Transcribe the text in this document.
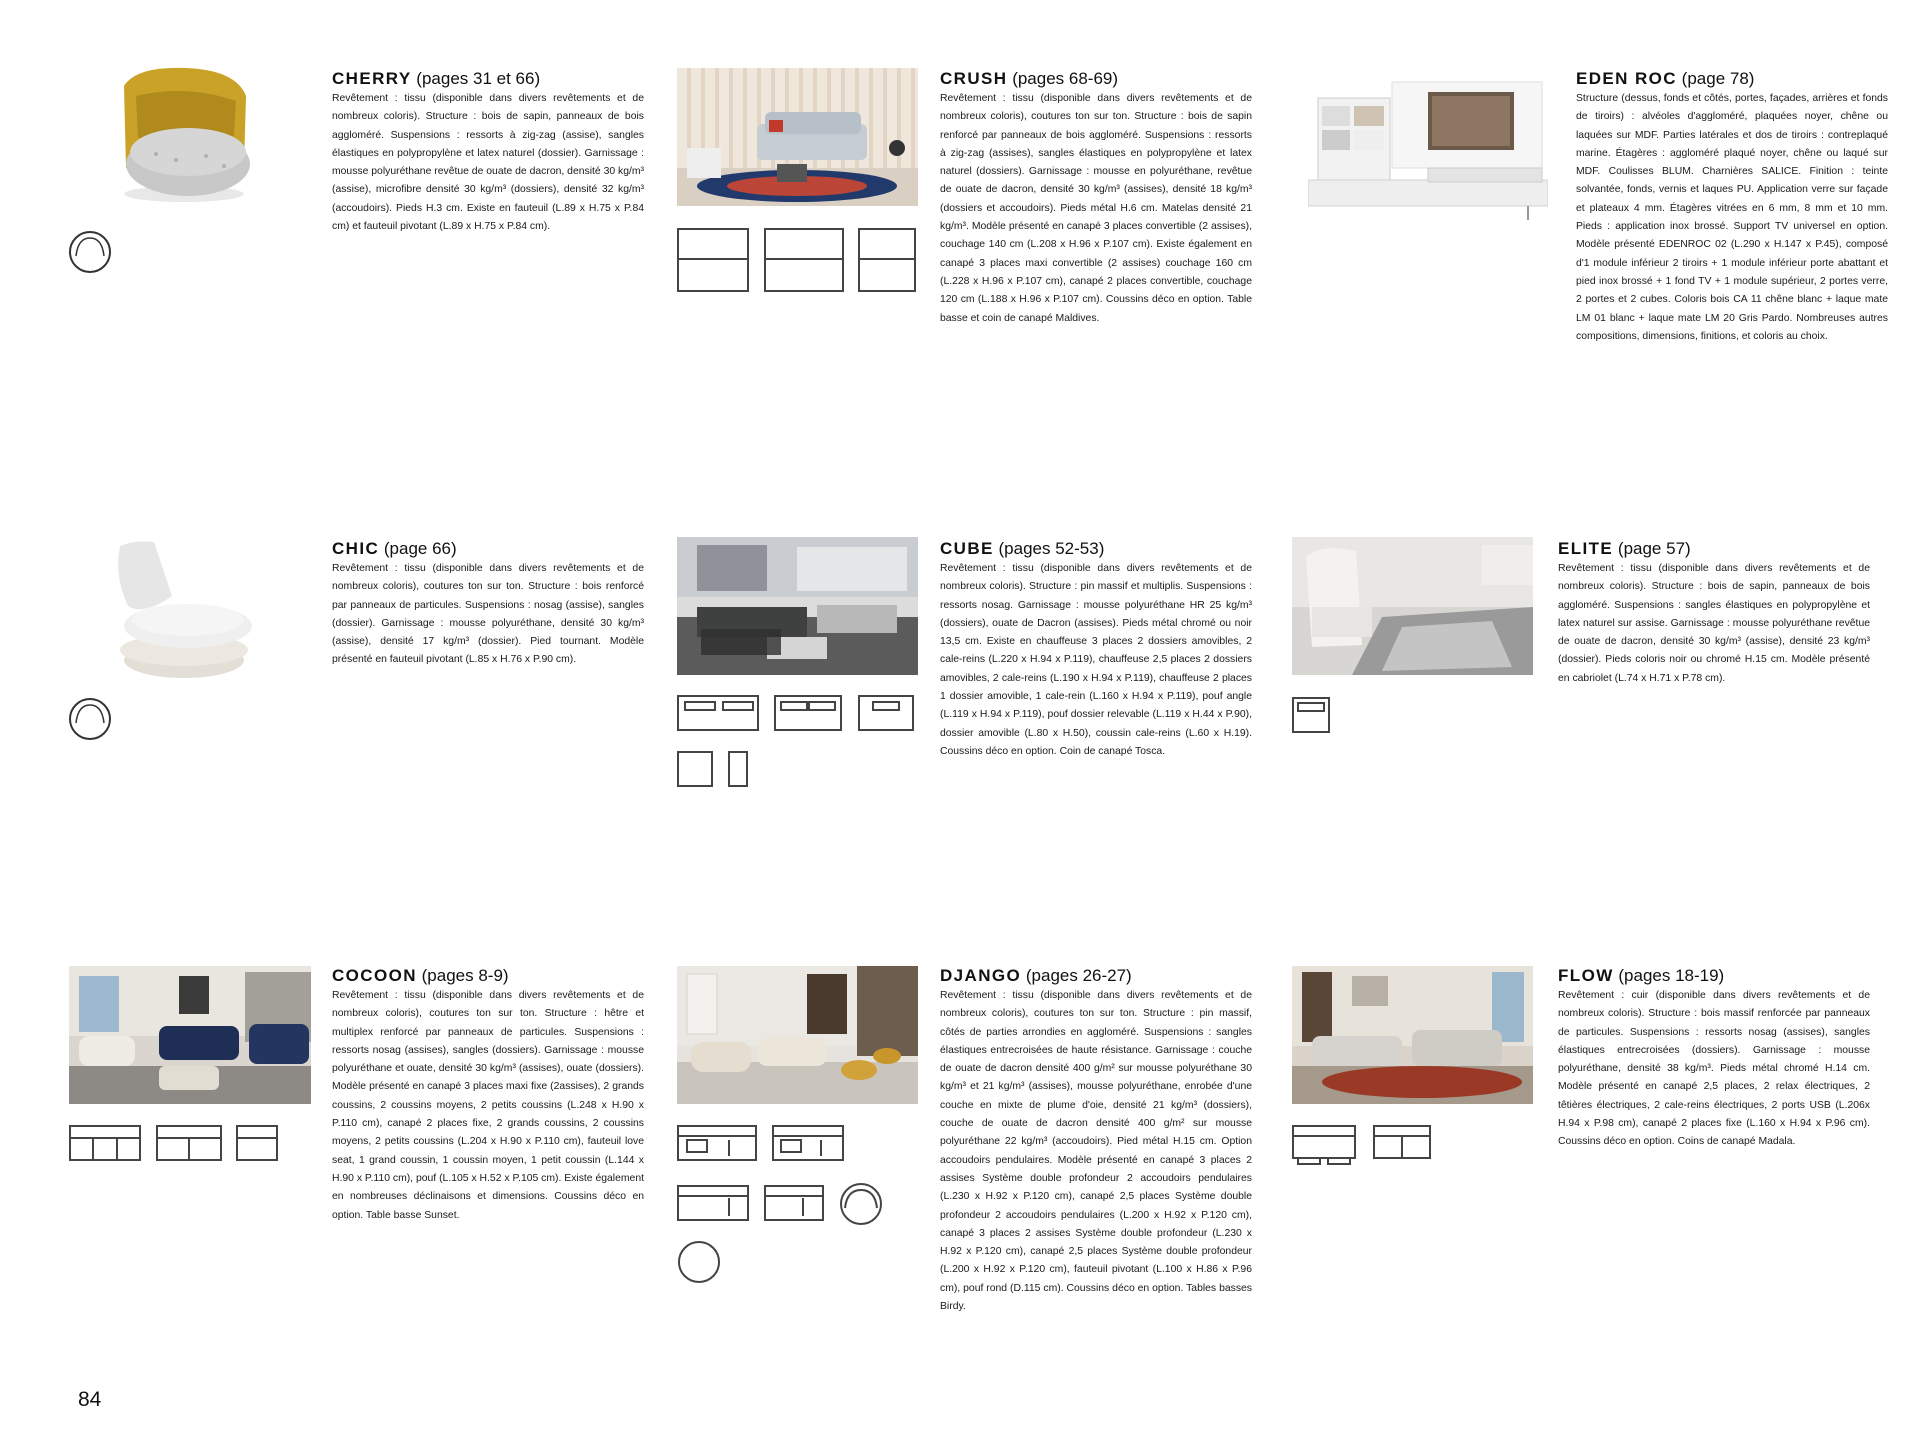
CHERRY (pages 31 et 66)
Revêtement : tissu (disponible dans divers revêtements et de nombreux coloris). Structure : bois de sapin, panneaux de bois aggloméré. Suspensions : ressorts à zig-zag (assise), sangles élastiques en polypropylène et latex naturel (dossier). Garnissage : mousse polyuréthane revêtue de ouate de dacron, densité 30 kg/m³ (assise), microfibre densité 30 kg/m³ (dossiers), densité 32 kg/m³ (accoudoirs). Pieds H.3 cm. Existe en fauteuil (L.89 x H.75 x P.84 cm) et fauteuil pivotant (L.89 x H.75 x P.84 cm).
CRUSH (pages 68-69)
Revêtement : tissu (disponible dans divers revêtements et de nombreux coloris), coutures ton sur ton. Structure : bois de sapin renforcé par panneaux de bois aggloméré. Suspensions : ressorts à zig-zag (assises), sangles élastiques en polypropylène et latex naturel (dossiers). Garnissage : mousse en polyuréthane, revêtue de ouate de dacron, densité 30 kg/m³ (assises), densité 18 kg/m³ (dossiers et accoudoirs). Pieds métal H.6 cm. Matelas densité 21 kg/m³. Modèle présenté en canapé 3 places convertible (2 assises), couchage 140 cm (L.208 x H.96 x P.107 cm). Existe également en canapé 3 places maxi convertible (2 assises) couchage 160 cm (L.228 x H.96 x P.107 cm), canapé 2 places convertible, couchage 120 cm (L.188 x H.96 x P.107 cm). Coussins déco en option. Table basse et coin de canapé Maldives.
EDEN ROC (page 78)
Structure (dessus, fonds et côtés, portes, façades, arrières et fonds de tiroirs) : alvéoles d'aggloméré, plaquées noyer, chêne ou laquées sur MDF. Parties latérales et dos de tiroirs : contreplaqué marine. Étagères : aggloméré plaqué noyer, chêne ou laqué sur MDF. Coulisses BLUM. Charnières SALICE. Finition : teinte solvantée, fonds, vernis et laques PU. Application verre sur façade et plateaux 4 mm. Étagères vitrées en 6 mm, 8 mm et 10 mm. Pieds : application inox brossé. Support TV universel en option. Modèle présenté EDENROC 02 (L.290 x H.147 x P.45), composé d'1 module inférieur 2 tiroirs + 1 module inférieur porte abattant et pied inox brossé + 1 fond TV + 1 module supérieur, 2 portes verre, 2 portes et 2 cubes. Coloris bois CA 11 chêne blanc + laque mate LM 01 blanc + laque mate LM 20 Gris Pardo. Nombreuses autres compositions, dimensions, finitions, et coloris au choix.
CHIC (page 66)
Revêtement : tissu (disponible dans divers revêtements et de nombreux coloris), coutures ton sur ton. Structure : bois renforcé par panneaux de particules. Suspensions : nosag (assise), sangles (dossier). Garnissage : mousse polyuréthane, densité 30 kg/m³ (assise), densité 17 kg/m³ (dossier). Pied tournant. Modèle présenté en fauteuil pivotant (L.85 x H.76 x P.90 cm).
CUBE (pages 52-53)
Revêtement : tissu (disponible dans divers revêtements et de nombreux coloris). Structure : pin massif et multiplis. Suspensions : ressorts nosag. Garnissage : mousse polyuréthane HR 25 kg/m³ (dossiers), ouate de Dacron (assises). Pieds métal chromé ou noir 13,5 cm. Existe en chauffeuse 3 places 2 dossiers amovibles, 2 cale-reins (L.220 x H.94 x P.119), chauffeuse 2,5 places 2 dossiers amovibles, 2 cale-reins (L.190 x H.94 x P.119), chauffeuse 2 places 1 dossier amovible, 1 cale-rein (L.160 x H.94 x P.119), pouf angle (L.119 x H.94 x P.119), pouf dossier relevable (L.119 x H.44 x P.90), dossier amovible (L.80 x H.50), coussin cale-reins (L.60 x H.19). Coussins déco en option. Coin de canapé Tosca.
ELITE (page 57)
Revêtement : tissu (disponible dans divers revêtements et de nombreux coloris). Structure : bois de sapin, panneaux de bois aggloméré. Suspensions : sangles élastiques en polypropylène et latex naturel sur assise. Garnissage : mousse polyuréthane revêtue de ouate de dacron, densité 30 kg/m³ (assise), densité 23 kg/m³ (dossier). Pieds coloris noir ou chromé H.15 cm. Modèle présenté en cabriolet (L.74 x H.71 x P.78 cm).
COCOON (pages 8-9)
Revêtement : tissu (disponible dans divers revêtements et de nombreux coloris), coutures ton sur ton. Structure : hêtre et multiplex renforcé par panneaux de particules. Suspensions : ressorts nosag (assises), sangles (dossiers). Garnissage : mousse polyuréthane et ouate, densité 30 kg/m³ (assises), ouate (dossiers). Modèle présenté en canapé 3 places maxi fixe (2assises), 2 grands coussins, 2 coussins moyens, 2 petits coussins (L.248 x H.90 x P.110 cm), canapé 2 places fixe, 2 grands coussins, 2 coussins moyens, 2 petits coussins (L.204 x H.90 x P.110 cm), fauteuil love seat, 1 grand coussin, 1 coussin moyen, 1 petit coussin (L.144 x H.90 x P.110 cm), pouf (L.105 x H.52 x P.105 cm). Existe également en nombreuses déclinaisons et dimensions. Coussins déco en option. Table basse Sunset.
DJANGO (pages 26-27)
Revêtement : tissu (disponible dans divers revêtements et de nombreux coloris), coutures ton sur ton. Structure : pin massif, côtés de parties arrondies en aggloméré. Suspensions : sangles élastiques entrecroisées de haute résistance. Garnissage : couche de ouate de dacron densité 400 g/m² sur mousse polyuréthane 30 kg/m³ et 21 kg/m³ (assises), mousse polyuréthane, enrobée d'une couche en mixte de plume d'oie, densité 21 kg/m³ (dossiers), couche de ouate de dacron densité 400 g/m² sur mousse polyuréthane 22 kg/m³ (accoudoirs). Pied métal H.15 cm. Option accoudoirs pendulaires. Modèle présenté en canapé 3 places 2 assises Système double profondeur 2 accoudoirs pendulaires (L.230 x H.92 x P.120 cm), canapé 2,5 places Système double profondeur 2 accoudoirs pendulaires (L.200 x H.92 x P.120 cm), canapé 3 places 2 assises Système double profondeur (L.230 x H.92 x P.120 cm), canapé 2,5 places Système double profondeur (L.200 x H.92 x P.120 cm), fauteuil pivotant (L.100 x H.86 x P.96 cm), pouf rond (D.115 cm). Coussins déco en option. Tables basses Birdy.
FLOW (pages 18-19)
Revêtement : cuir (disponible dans divers revêtements et de nombreux coloris). Structure : bois massif renforcée par panneaux de particules. Suspensions : ressorts nosag (assises), sangles élastiques entrecroisées (dossiers). Garnissage : mousse polyuréthane, densité 38 kg/m³. Pieds métal chromé H.14 cm. Modèle présenté en canapé 2,5 places, 2 relax électriques, 2 têtières électriques, 2 cale-reins électriques, 2 ports USB (L.206x H.94 x P.98 cm), canapé 2 places fixe (L.160 x H.94 x P.96 cm). Coussins déco en option. Coins de canapé Madala.
84
